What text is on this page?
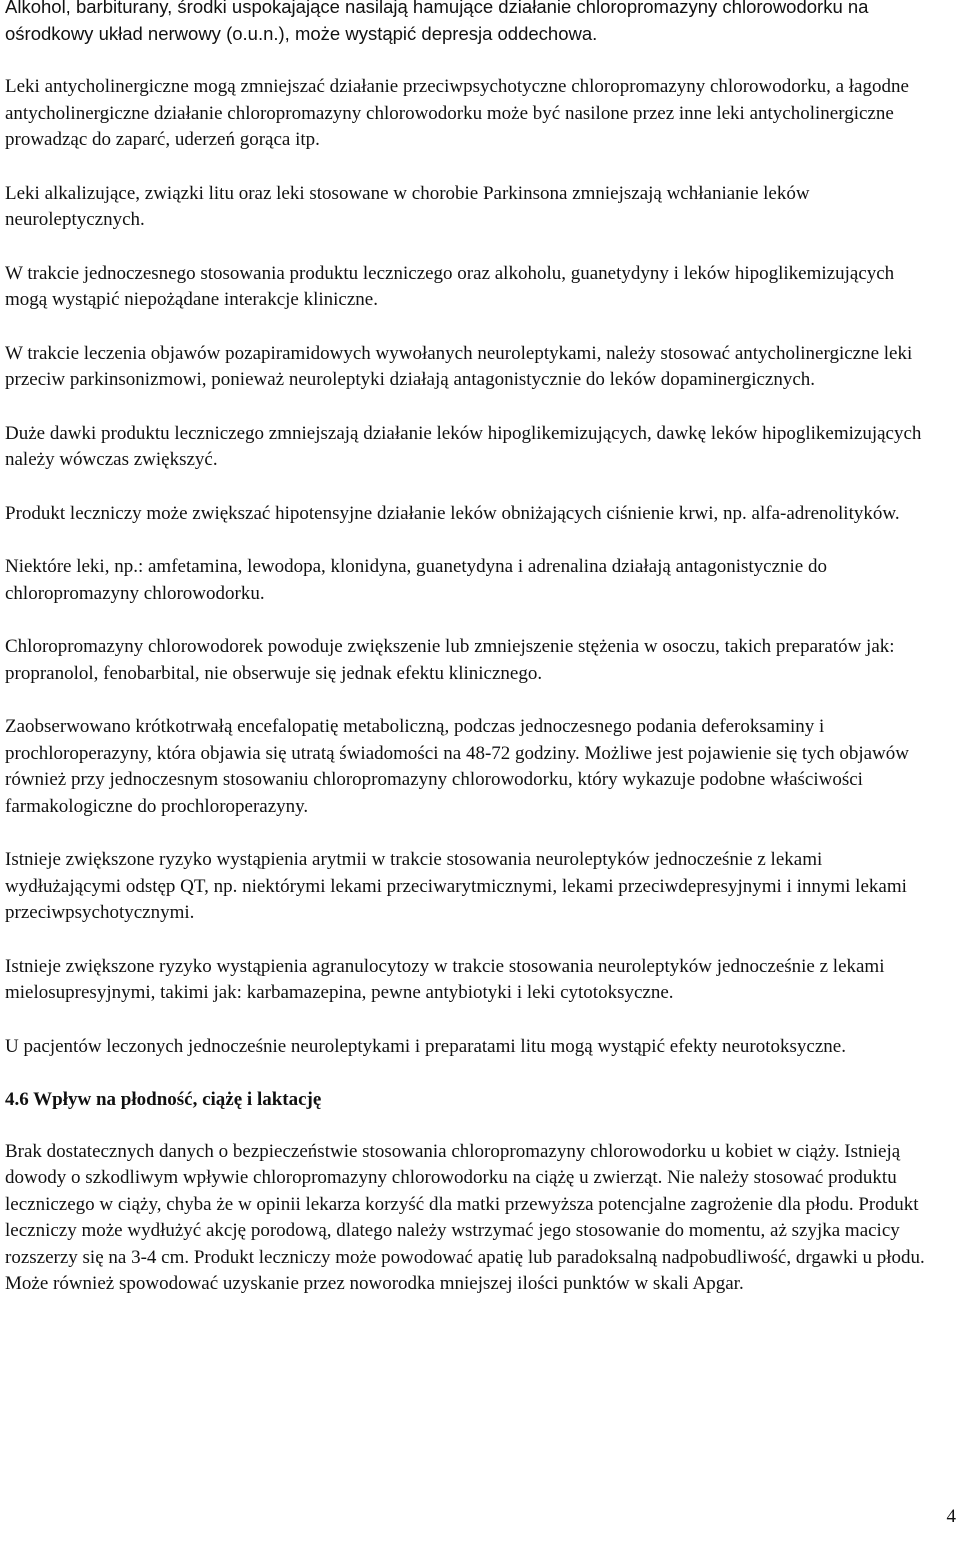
Alkohol, barbiturany, środki uspokajające nasilają hamujące działanie chloropromazyny chlorowodorku na ośrodkowy układ nerwowy (o.u.n.), może wystąpić depresja oddechowa.

Leki antycholinergiczne mogą zmniejszać działanie przeciwpsychotyczne chloropromazyny chlorowodorku, a łagodne antycholinergiczne działanie chloropromazyny chlorowodorku może być nasilone przez inne leki antycholinergiczne prowadząc do zaparć, uderzeń gorąca itp.

Leki alkalizujące, związki litu oraz leki stosowane w chorobie Parkinsona zmniejszają wchłanianie leków neuroleptycznych.

W trakcie jednoczesnego stosowania produktu leczniczego oraz alkoholu, guanetydyny i leków hipoglikemizujących mogą wystąpić niepożądane interakcje kliniczne.

W trakcie leczenia objawów pozapiramidowych wywołanych neuroleptykami, należy stosować antycholinergiczne leki przeciw parkinsonizmowi, ponieważ neuroleptyki działają antagonistycznie do leków dopaminergicznych.

Duże dawki produktu leczniczego zmniejszają działanie leków hipoglikemizujących, dawkę leków hipoglikemizujących należy wówczas zwiększyć.

Produkt leczniczy może zwiększać hipotensyjne działanie leków obniżających ciśnienie krwi, np. alfa-adrenolityków.

Niektóre leki, np.: amfetamina, lewodopa, klonidyna, guanetydyna i adrenalina działają antagonistycznie do chloropromazyny chlorowodorku.

Chloropromazyny chlorowodorek powoduje zwiększenie lub zmniejszenie stężenia w osoczu, takich preparatów jak: propranolol, fenobarbital, nie obserwuje się jednak efektu klinicznego.

Zaobserwowano krótkotrwałą encefalopatię metaboliczną, podczas jednoczesnego podania deferoksaminy i prochloroperazyny, która objawia się utratą świadomości na 48-72 godziny. Możliwe jest pojawienie się tych objawów również przy jednoczesnym stosowaniu chloropromazyny chlorowodorku, który wykazuje podobne właściwości farmakologiczne do prochloroperazyny.

Istnieje zwiększone ryzyko wystąpienia arytmii w trakcie stosowania neuroleptyków jednocześnie z lekami wydłużającymi odstęp QT, np. niektórymi lekami przeciwarytmicznymi, lekami przeciwdepresyjnymi i innymi lekami przeciwpsychotycznymi.

Istnieje zwiększone ryzyko wystąpienia agranulocytozy w trakcie stosowania neuroleptyków jednocześnie z lekami mielosupresyjnymi, takimi jak: karbamazepina, pewne antybiotyki i leki cytotoksyczne.

U pacjentów leczonych jednocześnie neuroleptykami i preparatami litu mogą wystąpić efekty neurotoksyczne.

4.6 Wpływ na płodność, ciążę i laktację

Brak dostatecznych danych o bezpieczeństwie stosowania chloropromazyny chlorowodorku u kobiet w ciąży. Istnieją dowody o szkodliwym wpływie chloropromazyny chlorowodorku na ciążę u zwierząt. Nie należy stosować produktu leczniczego w ciąży, chyba że w opinii lekarza korzyść dla matki przewyższa potencjalne zagrożenie dla płodu. Produkt leczniczy może wydłużyć akcję porodową, dlatego należy wstrzymać jego stosowanie do momentu, aż szyjka macicy rozszerzy się na 3-4 cm. Produkt leczniczy może powodować apatię lub paradoksalną nadpobudliwość, drgawki u płodu. Może również spowodować uzyskanie przez noworodka mniejszej ilości punktów w skali Apgar.

4
